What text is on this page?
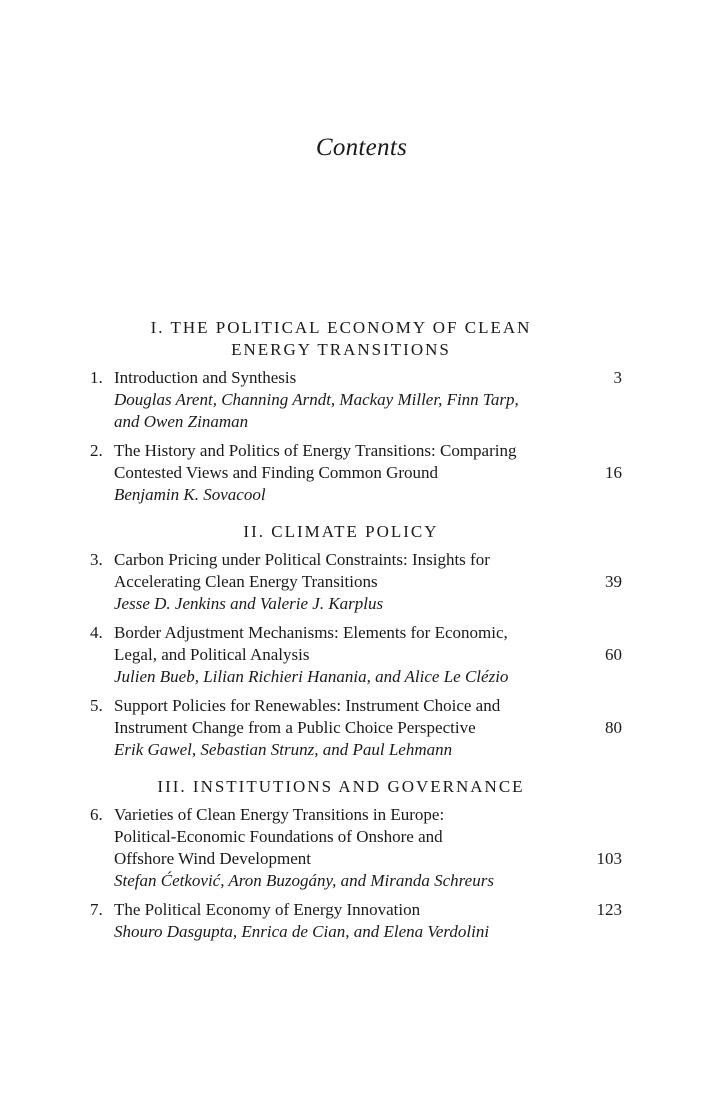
Contents
I. THE POLITICAL ECONOMY OF CLEAN
ENERGY TRANSITIONS
1. Introduction and Synthesis
Douglas Arent, Channing Arndt, Mackay Miller, Finn Tarp,
and Owen Zinaman
3
2. The History and Politics of Energy Transitions: Comparing
Contested Views and Finding Common Ground
Benjamin K. Sovacool
16
II. CLIMATE POLICY
3. Carbon Pricing under Political Constraints: Insights for
Accelerating Clean Energy Transitions
Jesse D. Jenkins and Valerie J. Karplus
39
4. Border Adjustment Mechanisms: Elements for Economic,
Legal, and Political Analysis
Julien Bueb, Lilian Richieri Hanania, and Alice Le Clézio
60
5. Support Policies for Renewables: Instrument Choice and
Instrument Change from a Public Choice Perspective
Erik Gawel, Sebastian Strunz, and Paul Lehmann
80
III. INSTITUTIONS AND GOVERNANCE
6. Varieties of Clean Energy Transitions in Europe:
Political-Economic Foundations of Onshore and
Offshore Wind Development
Stefan Ćetković, Aron Buzogány, and Miranda Schreurs
103
7. The Political Economy of Energy Innovation
Shouro Dasgupta, Enrica de Cian, and Elena Verdolini
123
